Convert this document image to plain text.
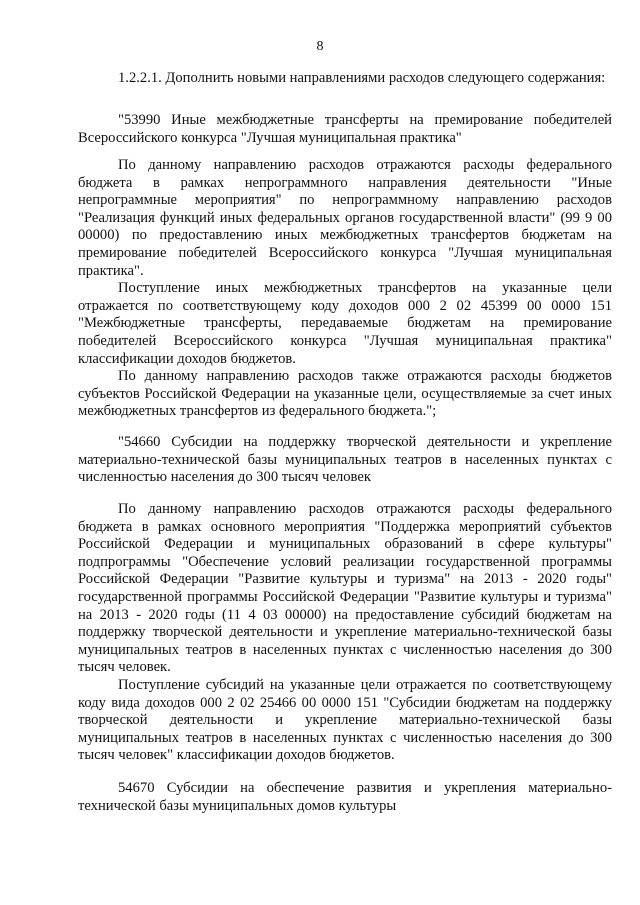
8

1.2.2.1. Дополнить новыми направлениями расходов следующего содержания:

"53990 Иные межбюджетные трансферты на премирование победителей Всероссийского конкурса "Лучшая муниципальная практика"

По данному направлению расходов отражаются расходы федерального бюджета в рамках непрограммного направления деятельности "Иные непрограммные мероприятия" по непрограммному направлению расходов "Реализация функций иных федеральных органов государственной власти" (99 9 00 00000) по предоставлению иных межбюджетных трансфертов бюджетам на премирование победителей Всероссийского конкурса "Лучшая муниципальная практика".

Поступление иных межбюджетных трансфертов на указанные цели отражается по соответствующему коду доходов 000 2 02 45399 00 0000 151 "Межбюджетные трансферты, передаваемые бюджетам на премирование победителей Всероссийского конкурса "Лучшая муниципальная практика" классификации доходов бюджетов.

По данному направлению расходов также отражаются расходы бюджетов субъектов Российской Федерации на указанные цели, осуществляемые за счет иных межбюджетных трансфертов из федерального бюджета.";

"54660 Субсидии на поддержку творческой деятельности и укрепление материально-технической базы муниципальных театров в населенных пунктах с численностью населения до 300 тысяч человек

По данному направлению расходов отражаются расходы федерального бюджета в рамках основного мероприятия "Поддержка мероприятий субъектов Российской Федерации и муниципальных образований в сфере культуры" подпрограммы "Обеспечение условий реализации государственной программы Российской Федерации "Развитие культуры и туризма" на 2013 - 2020 годы" государственной программы Российской Федерации "Развитие культуры и туризма" на 2013 - 2020 годы (11 4 03 00000) на предоставление субсидий бюджетам на поддержку творческой деятельности и укрепление материально-технической базы муниципальных театров в населенных пунктах с численностью населения до 300 тысяч человек.

Поступление субсидий на указанные цели отражается по соответствующему коду вида доходов 000 2 02 25466 00 0000 151 "Субсидии бюджетам на поддержку творческой деятельности и укрепление материально-технической базы муниципальных театров в населенных пунктах с численностью населения до 300 тысяч человек" классификации доходов бюджетов.

54670 Субсидии на обеспечение развития и укрепления материально-технической базы муниципальных домов культуры
